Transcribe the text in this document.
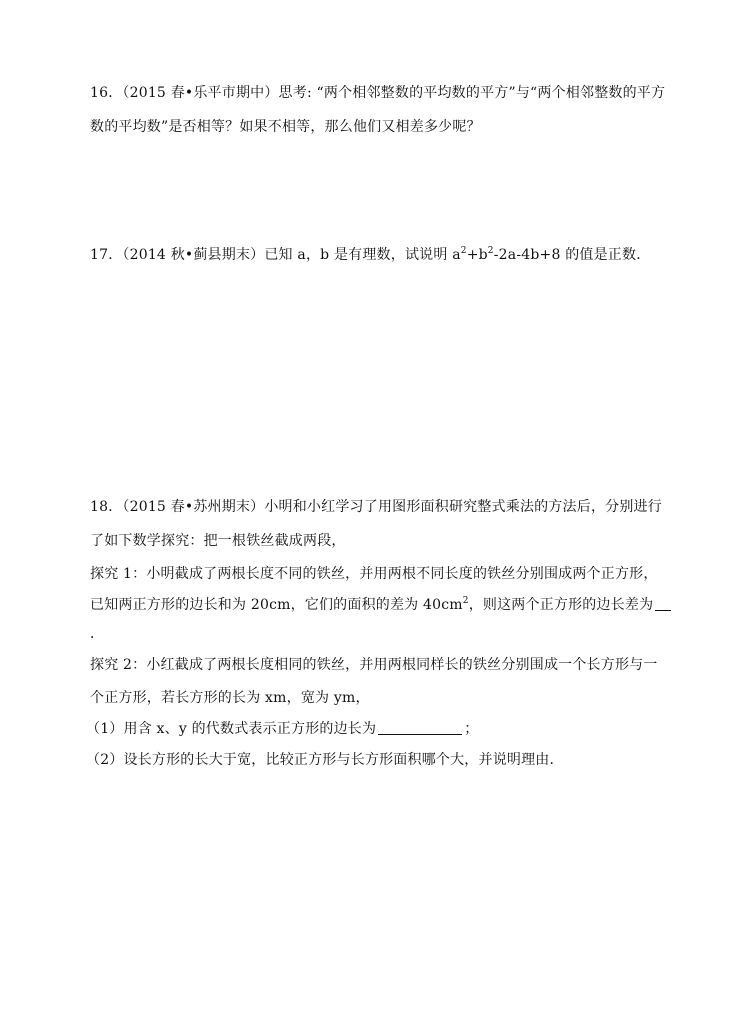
16．（2015 春•乐平市期中）思考: “两个相邻整数的平均数的平方”与“两个相邻整数的平方
数的平均数”是否相等？如果不相等，那么他们又相差多少呢？
17．（2014 秋•蓟县期末）已知 a，b 是有理数，试说明 $a^2+b^2-2a-4b+8$ 的值是正数．
18．（2015 春•苏州期末）小明和小红学习了用图形面积研究整式乘法的方法后，分别进行
了如下数学探究：把一根铁丝截成两段，
探究 1：小明截成了两根长度不同的铁丝，并用两根不同长度的铁丝分别围成两个正方形，
已知两正方形的边长和为 20cm，它们的面积的差为 $40cm^2$，则这两个正方形的边长差为
．
探究 2：小红截成了两根长度相同的铁丝，并用两根同样长的铁丝分别围成一个长方形与一
个正方形，若长方形的长为 xm，宽为 ym，
（1）用含 x、y 的代数式表示正方形的边长为	；
（2）设长方形的长大于宽，比较正方形与长方形面积哪个大，并说明理由．
